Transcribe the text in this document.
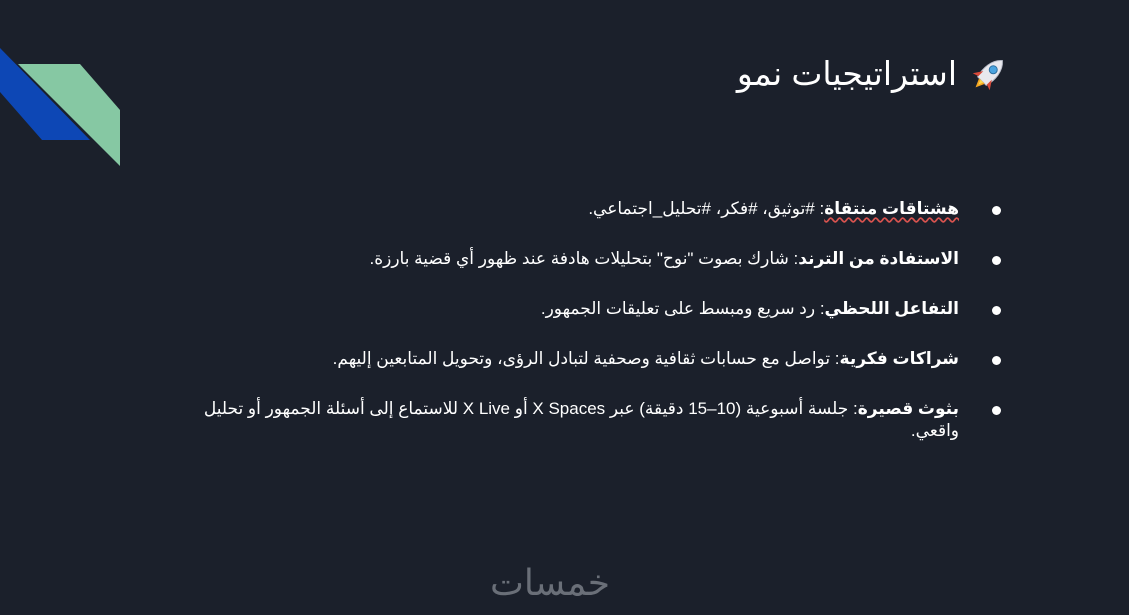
استراتيجيات نمو
هشتاقات منتقاة: #توثيق، #فكر، #تحليل_اجتماعي.
الاستفادة من الترند: شارك بصوت "نوح" بتحليلات هادفة عند ظهور أي قضية بارزة.
التفاعل اللحظي: رد سريع ومبسط على تعليقات الجمهور.
شراكات فكرية: تواصل مع حسابات ثقافية وصحفية لتبادل الرؤى، وتحويل المتابعين إليهم.
بثوث قصيرة: جلسة أسبوعية (10–15 دقيقة) عبر X Spaces أو X Live للاستماع إلى أسئلة الجمهور أو تحليل واقعي.
خمسات
